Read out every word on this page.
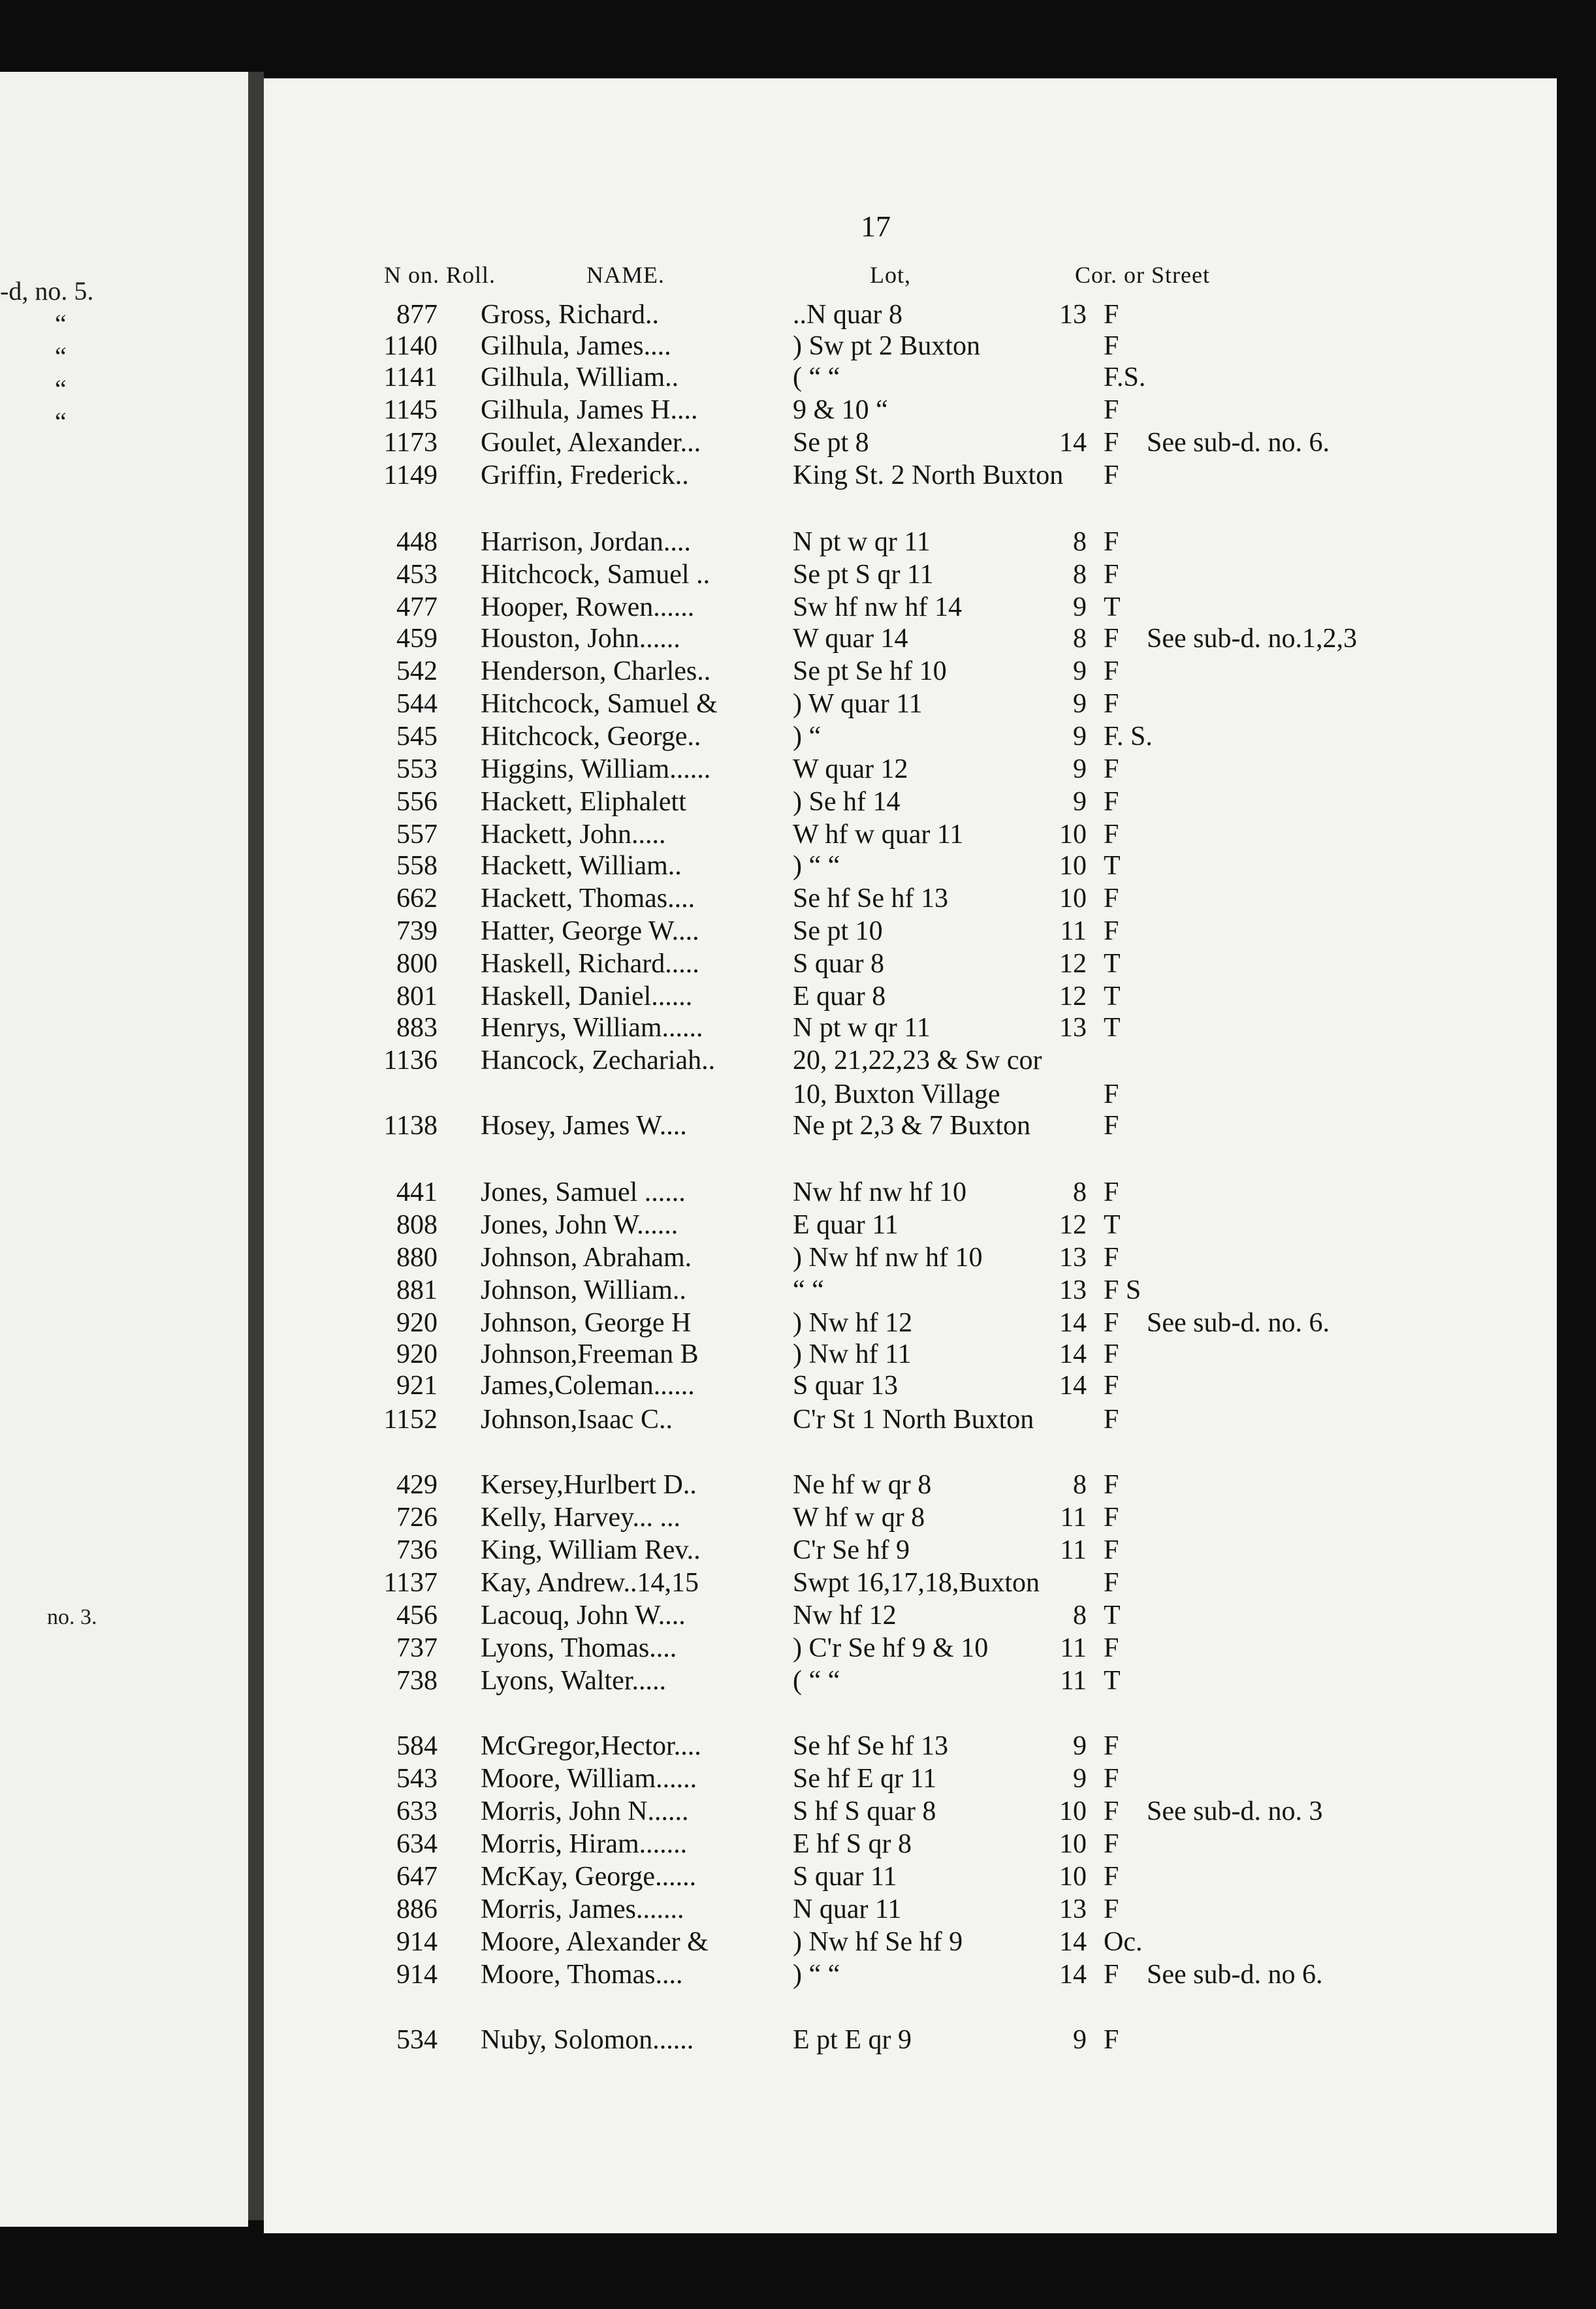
-d, no. 5.
“
“
“
“
no. 3.
17
N on. Roll.	NAME.	Lot,	Cor. or Street
877 Gross, Richard..	..N quar 8	13 F
1140 Gilhula, James....	) Sw pt 2 Buxton	F
1141 Gilhula, William..	( “ “	F.S.
1145 Gilhula, James H....	9 & 10 “	F
1173 Goulet, Alexander...	Se pt 8	14 F See sub-d. no. 6.
1149 Griffin, Frederick..	King St. 2 North Buxton F
448 Harrison, Jordan....	N pt w qr 11	8 F
453 Hitchcock, Samuel ..	Se pt S qr 11	8 F
477 Hooper, Rowen......	Sw hf nw hf 14	9 T
459 Houston, John......	W quar 14	8 F See sub-d. no.1,2,3
542 Henderson, Charles..	Se pt Se hf 10	9 F
544 Hitchcock, Samuel &	) W quar 11	9 F
545 Hitchcock, George..	) “	9 F. S.
553 Higgins, William......	W quar 12	9 F
556 Hackett, Eliphalett	) Se hf 14	9 F
557 Hackett, John.....	W hf w quar 11	10 F
558 Hackett, William..	) “ “	10 T
662 Hackett, Thomas....	Se hf Se hf 13	10 F
739 Hatter, George W....	Se pt 10	11 F
800 Haskell, Richard.....	S quar 8	12 T
801 Haskell, Daniel......	E quar 8	12 T
883 Henrys, William......	N pt w qr 11	13 T
1136 Hancock, Zechariah..	20, 21,22,23 & Sw cor
10, Buxton Village	F
1138 Hosey, James W....	Ne pt 2,3 & 7 Buxton	F
441 Jones, Samuel ......	Nw hf nw hf 10	8 F
808 Jones, John W......	E quar 11	12 T
880 Johnson, Abraham.	) Nw hf nw hf 10	13 F
881 Johnson, William..	“ “	13 F S
920 Johnson, George H	) Nw hf 12	14 F See sub-d. no. 6.
920 Johnson,Freeman B	) Nw hf 11	14 F
921 James,Coleman......	S quar 13	14 F
1152 Johnson,Isaac C..	C'r St 1 North Buxton	F
429 Kersey,Hurlbert D..	Ne hf w qr 8	8 F
726 Kelly, Harvey... ...	W hf w qr 8	11 F
736 King, William Rev..	C'r Se hf 9	11 F
1137 Kay, Andrew..14,15	Swpt 16,17,18,Buxton F
456 Lacouq, John W....	Nw hf 12	8 T
737 Lyons, Thomas....	) C'r Se hf 9 & 10	11 F
738 Lyons, Walter.....	( “ “	11 T
584 McGregor,Hector....	Se hf Se hf 13	9 F
543 Moore, William......	Se hf E qr 11	9 F
633 Morris, John N......	S hf S quar 8	10 F See sub-d. no. 3
634 Morris, Hiram.......	E hf S qr 8	10 F
647 McKay, George......	S quar 11	10 F
886 Morris, James.......	N quar 11	13 F
914 Moore, Alexander &	) Nw hf Se hf 9	14 Oc.
914 Moore, Thomas....	) “ “	14 F See sub-d. no 6.
534 Nuby, Solomon......	E pt E qr 9	9 F
